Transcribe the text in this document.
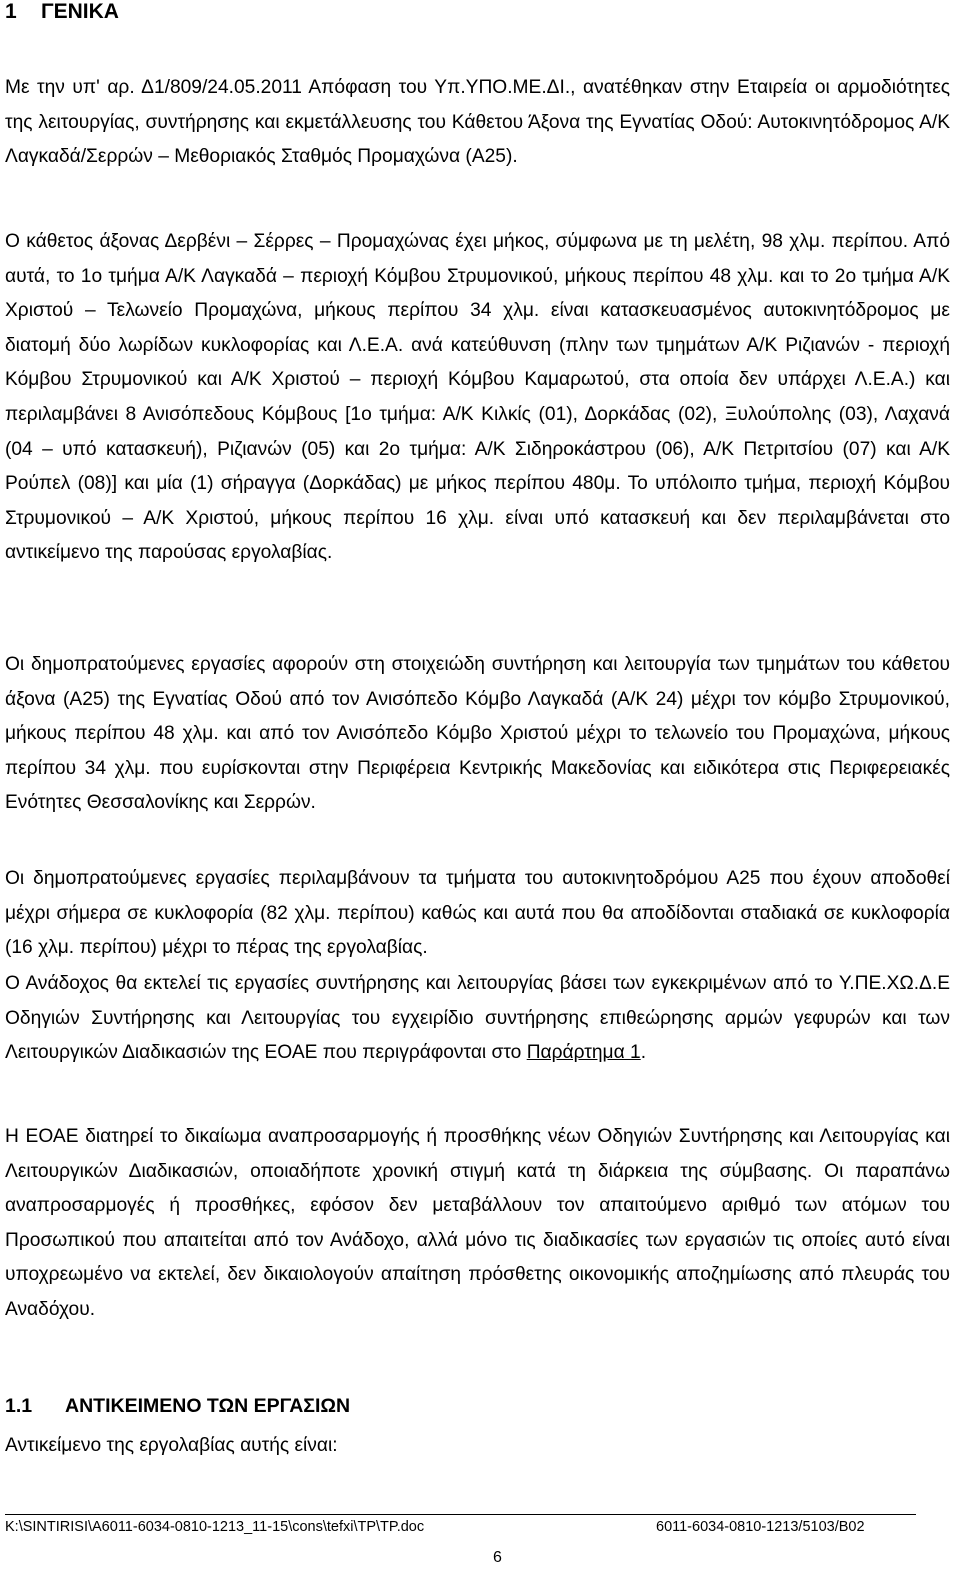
1 ΓΕΝΙΚΑ

Με την υπ' αρ. Δ1/809/24.05.2011 Απόφαση του Υπ.ΥΠΟ.ΜΕ.ΔΙ., ανατέθηκαν στην Εταιρεία οι αρμοδιότητες της λειτουργίας, συντήρησης και εκμετάλλευσης του Κάθετου Άξονα της Εγνατίας Οδού: Αυτοκινητόδρομος Α/Κ Λαγκαδά/Σερρών – Μεθοριακός Σταθμός Προμαχώνα (Α25).

Ο κάθετος άξονας Δερβένι – Σέρρες – Προμαχώνας έχει μήκος, σύμφωνα με τη μελέτη, 98 χλμ. περίπου. Από αυτά, το 1ο τμήμα Α/Κ Λαγκαδά – περιοχή Κόμβου Στρυμονικού, μήκους περίπου 48 χλμ. και το 2ο τμήμα Α/Κ Χριστού – Τελωνείο Προμαχώνα, μήκους περίπου 34 χλμ. είναι κατασκευασμένος αυτοκινητόδρομος με διατομή δύο λωρίδων κυκλοφορίας και Λ.Ε.Α. ανά κατεύθυνση (πλην των τμημάτων Α/Κ Ριζιανών - περιοχή Κόμβου Στρυμονικού και Α/Κ Χριστού – περιοχή Κόμβου Καμαρωτού, στα οποία δεν υπάρχει Λ.Ε.Α.) και περιλαμβάνει 8 Ανισόπεδους Κόμβους [1ο τμήμα: Α/Κ Κιλκίς (01), Δορκάδας (02), Ξυλούπολης (03), Λαχανά (04 – υπό κατασκευή), Ριζιανών (05) και 2ο τμήμα: Α/Κ Σιδηροκάστρου (06), Α/Κ Πετριτσίου (07) και Α/Κ Ρούπελ (08)] και μία (1) σήραγγα (Δορκάδας) με μήκος περίπου 480μ. Το υπόλοιπο τμήμα, περιοχή Κόμβου Στρυμονικού – Α/Κ Χριστού, μήκους περίπου 16 χλμ. είναι υπό κατασκευή και δεν περιλαμβάνεται στο αντικείμενο της παρούσας εργολαβίας.

Οι δημοπρατούμενες εργασίες αφορούν στη στοιχειώδη συντήρηση και λειτουργία των τμημάτων του κάθετου άξονα (Α25) της Εγνατίας Οδού από τον Ανισόπεδο Κόμβο Λαγκαδά (Α/Κ 24) μέχρι τον κόμβο Στρυμονικού, μήκους περίπου 48 χλμ. και από τον Ανισόπεδο Κόμβο Χριστού μέχρι το τελωνείο του Προμαχώνα, μήκους περίπου 34 χλμ. που ευρίσκονται στην Περιφέρεια Κεντρικής Μακεδονίας και ειδικότερα στις Περιφερειακές Ενότητες Θεσσαλονίκης και Σερρών.

Οι δημοπρατούμενες εργασίες περιλαμβάνουν τα τμήματα του αυτοκινητοδρόμου Α25 που έχουν αποδοθεί μέχρι σήμερα σε κυκλοφορία (82 χλμ. περίπου) καθώς και αυτά που θα αποδίδονται σταδιακά σε κυκλοφορία (16 χλμ. περίπου) μέχρι το πέρας της εργολαβίας.

Ο Ανάδοχος θα εκτελεί τις εργασίες συντήρησης και λειτουργίας βάσει των εγκεκριμένων από το Υ.ΠΕ.ΧΩ.Δ.Ε Οδηγιών Συντήρησης και Λειτουργίας του εγχειρίδιο συντήρησης επιθεώρησης αρμών γεφυρών και των Λειτουργικών Διαδικασιών της ΕΟΑΕ που περιγράφονται στο Παράρτημα 1.

Η ΕΟΑΕ διατηρεί το δικαίωμα αναπροσαρμογής ή προσθήκης νέων Οδηγιών Συντήρησης και Λειτουργίας και Λειτουργικών Διαδικασιών, οποιαδήποτε χρονική στιγμή κατά τη διάρκεια της σύμβασης. Οι παραπάνω αναπροσαρμογές ή προσθήκες, εφόσον δεν μεταβάλλουν τον απαιτούμενο αριθμό των ατόμων του Προσωπικού που απαιτείται από τον Ανάδοχο, αλλά μόνο τις διαδικασίες των εργασιών τις οποίες αυτό είναι υποχρεωμένο να εκτελεί, δεν δικαιολογούν απαίτηση πρόσθετης οικονομικής αποζημίωσης από πλευράς του Αναδόχου.

1.1 ΑΝΤΙΚΕΙΜΕΝΟ ΤΩΝ ΕΡΓΑΣΙΩΝ
Αντικείμενο της εργολαβίας αυτής είναι:
K:\SINTIRISI\A6011-6034-0810-1213_11-15\cons\tefxi\TP\TP.doc	6011-6034-0810-1213/5103/B02
6
